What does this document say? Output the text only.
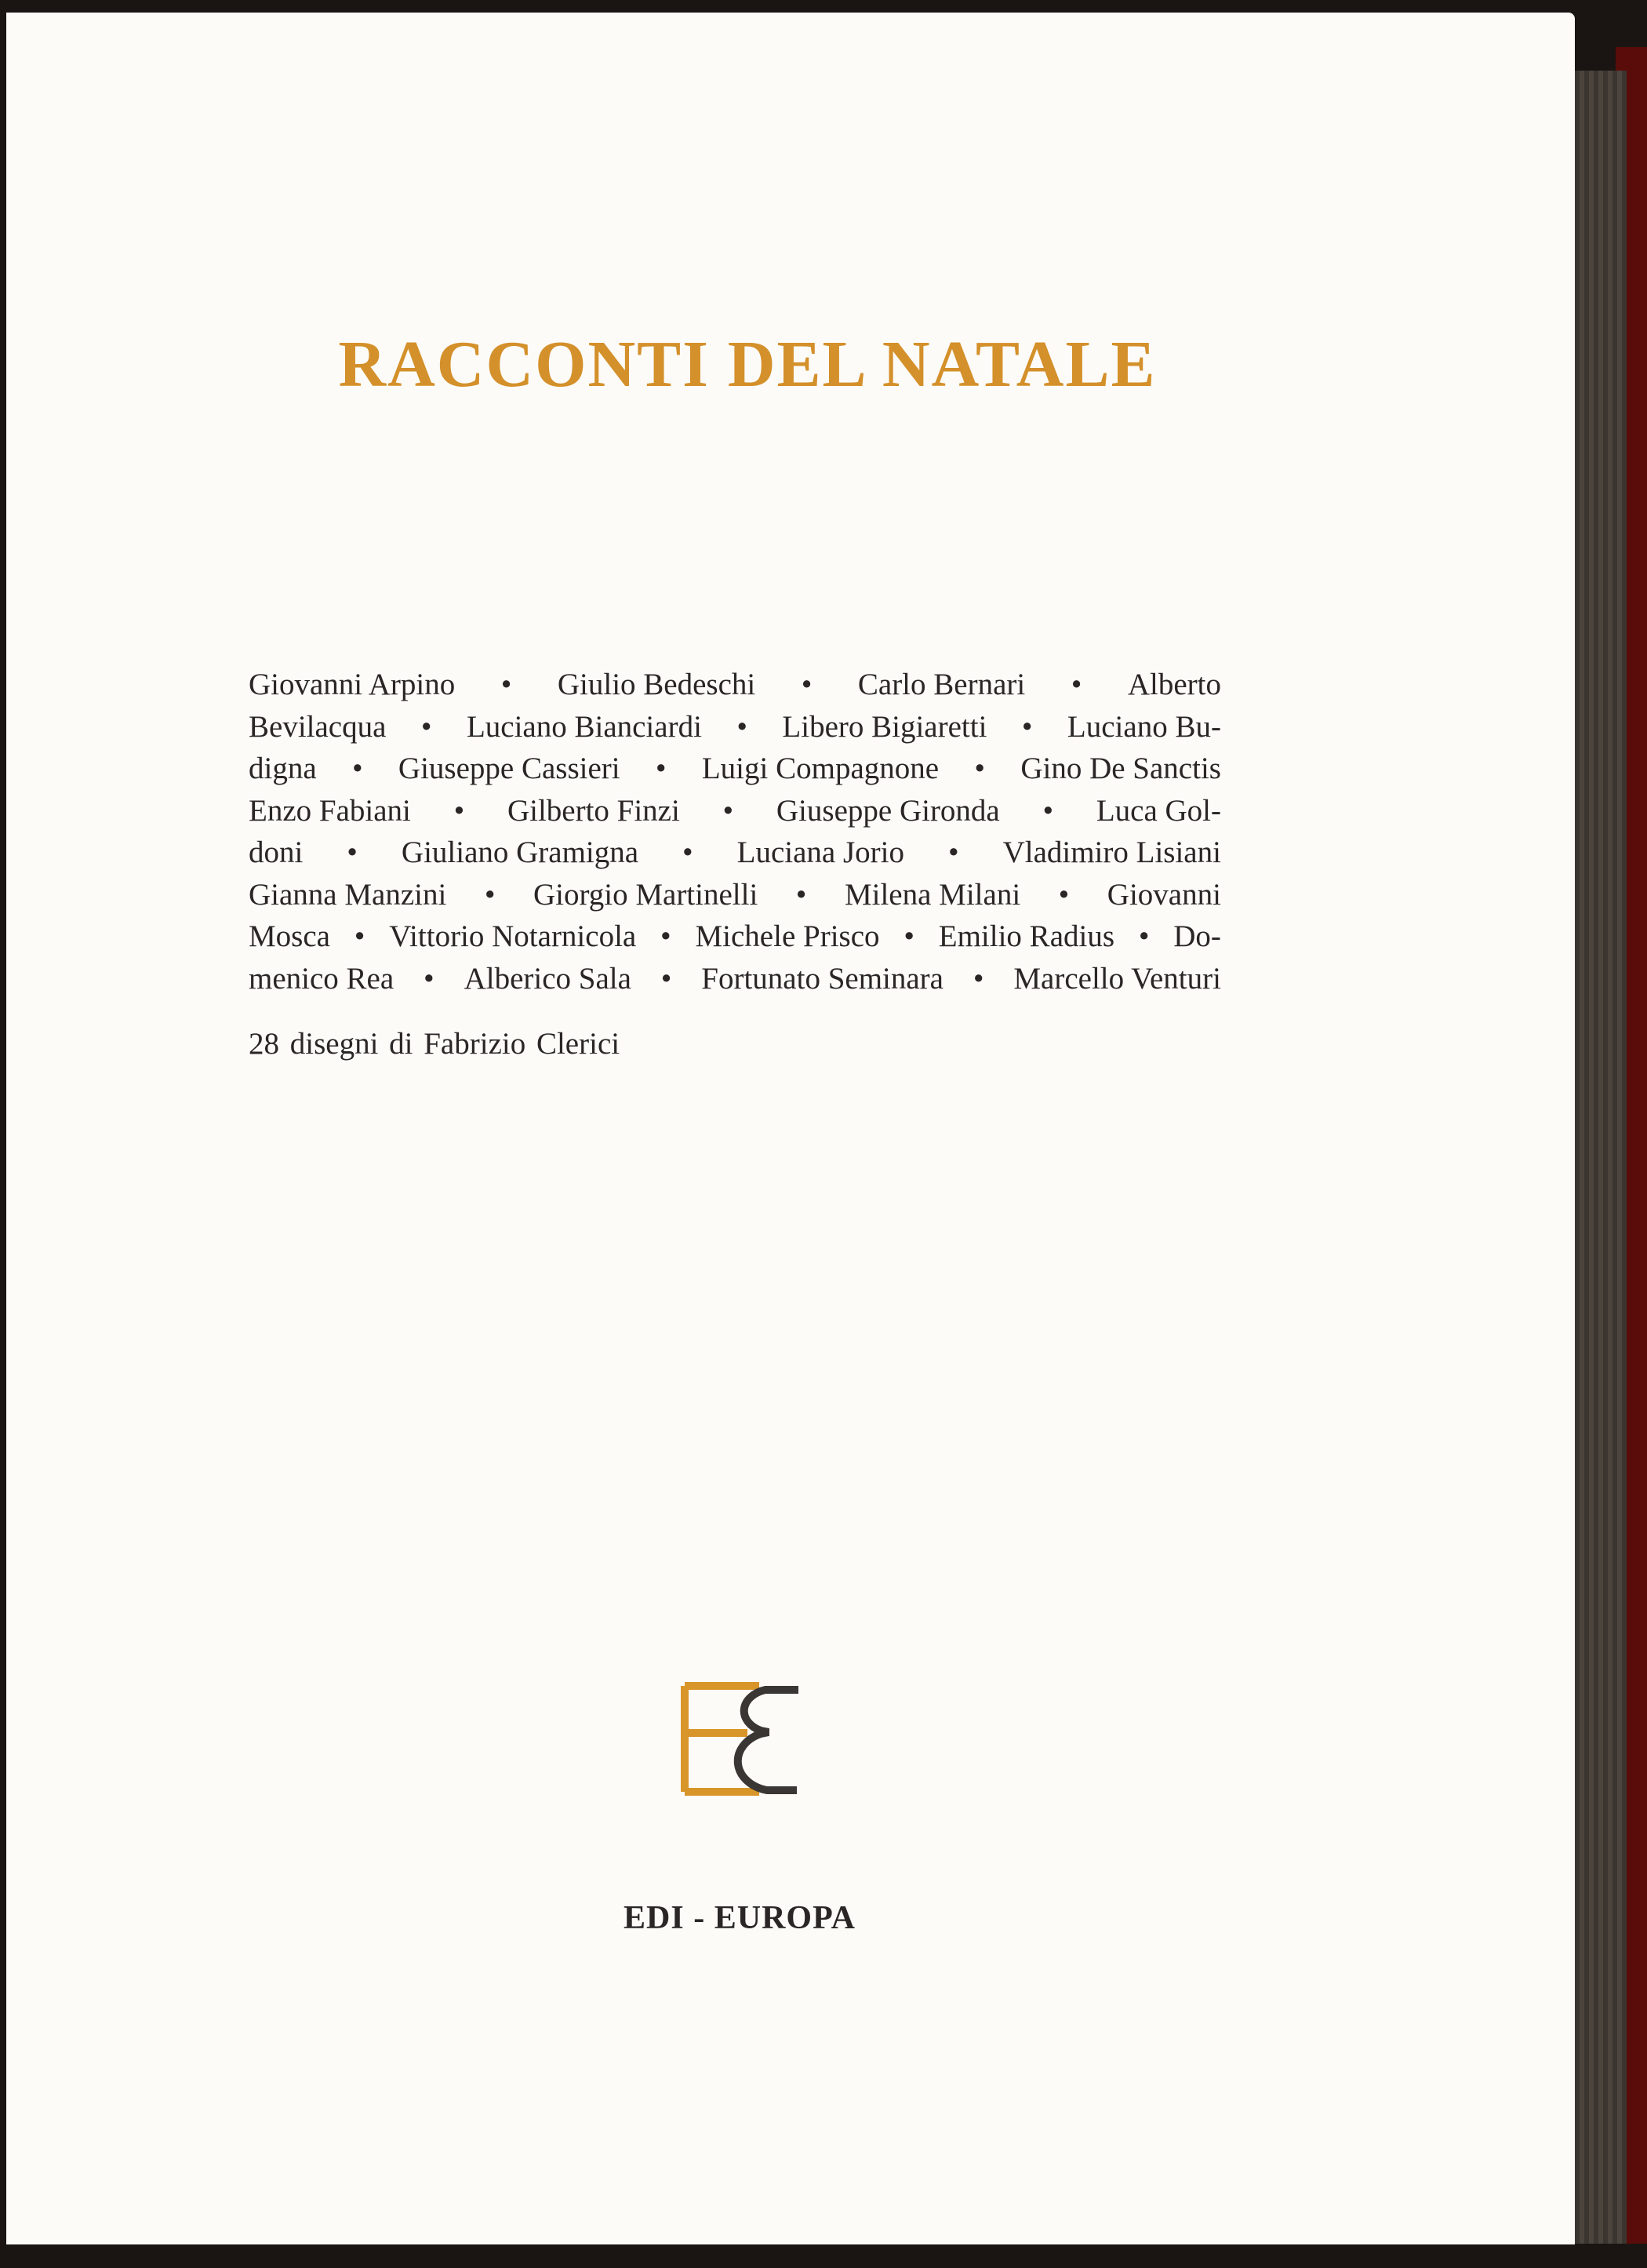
RACCONTI DEL NATALE
Giovanni Arpino • Giulio Bedeschi • Carlo Bernari • Alberto
Bevilacqua • Luciano Bianciardi • Libero Bigiaretti • Luciano Bu-
digna • Giuseppe Cassieri • Luigi Compagnone • Gino De Sanctis
Enzo Fabiani • Gilberto Finzi • Giuseppe Gironda • Luca Gol-
doni • Giuliano Gramigna • Luciana Jorio • Vladimiro Lisiani
Gianna Manzini • Giorgio Martinelli • Milena Milani • Giovanni
Mosca • Vittorio Notarnicola • Michele Prisco • Emilio Radius • Do-
menico Rea • Alberico Sala • Fortunato Seminara • Marcello Venturi
28 disegni di Fabrizio Clerici
EDI - EUROPA
